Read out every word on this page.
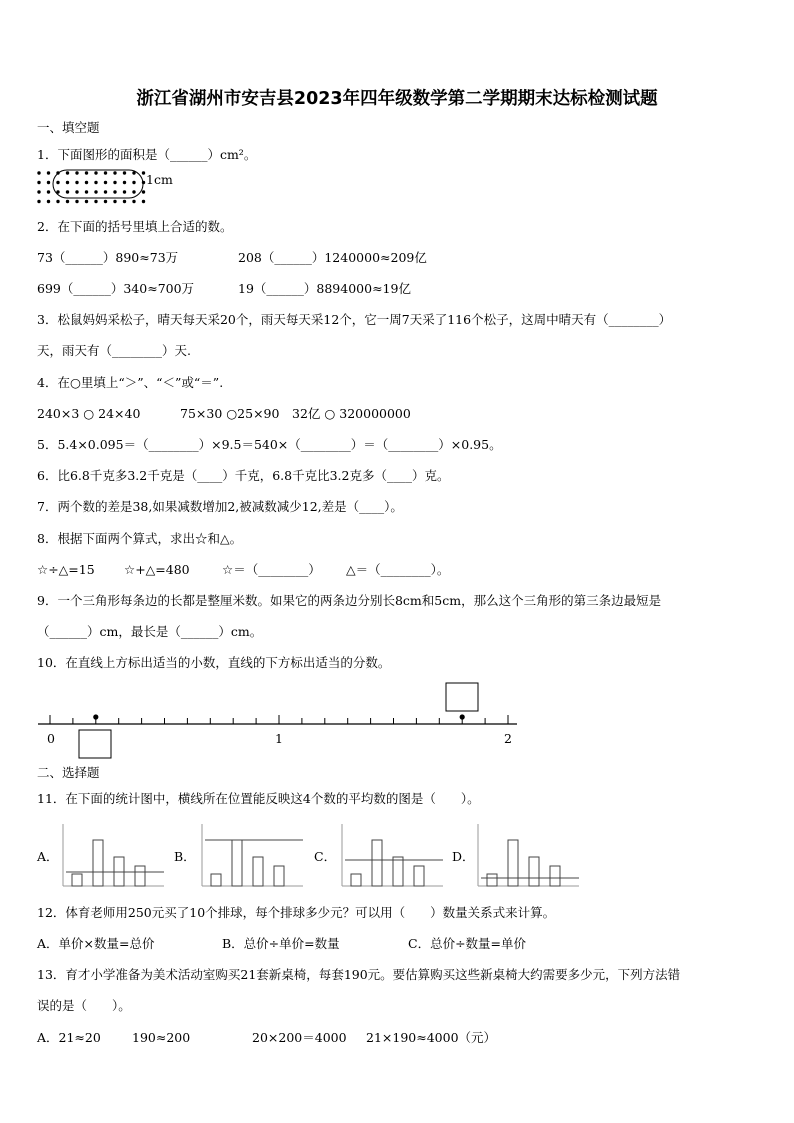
浙江省湖州市安吉县2023年四年级数学第二学期期末达标检测试题
一、填空题
1．下面图形的面积是（______）cm²。
1cm
2．在下面的括号里填上合适的数。
73（______）890≈73万	208（______）1240000≈209亿
699（______）340≈700万	19（______）8894000≈19亿
3．松鼠妈妈采松子，晴天每天采20个，雨天每天采12个，它一周7天采了116个松子，这周中晴天有（________）
天，雨天有（________）天.
4．在○里填上“＞”、“＜”或“＝”.
240×3 ○ 24×40	75×30 ○25×90 32亿 ○ 320000000
5．5.4×0.095＝（________）×9.5＝540×（________）＝（________）×0.95。
6．比6.8千克多3.2千克是（____）千克，6.8千克比3.2克多（____）克。
7．两个数的差是38,如果减数增加2,被减数减少12,差是（____）。
8．根据下面两个算式，求出☆和△。
☆÷△=15 ☆+△=480	☆＝（________） △＝（________）。
9．一个三角形每条边的长都是整厘米数。如果它的两条边分别长8cm和5cm，那么这个三角形的第三条边最短是
（______）cm，最长是（______）cm。
10．在直线上方标出适当的小数，直线的下方标出适当的分数。
0	1	2
二、选择题
11．在下面的统计图中，横线所在位置能反映这4个数的平均数的图是（　　）。
A．	B．	C．	D．
12．体育老师用250元买了10个排球，每个排球多少元？可以用（　　）数量关系式来计算。
A．单价×数量=总价	B．总价÷单价=数量	C．总价÷数量=单价
13．育才小学准备为美术活动室购买21套新桌椅，每套190元。要估算购买这些新桌椅大约需要多少元，下列方法错
误的是（　　）。
A．21≈20 190≈200	20×200＝4000 21×190≈4000（元）
